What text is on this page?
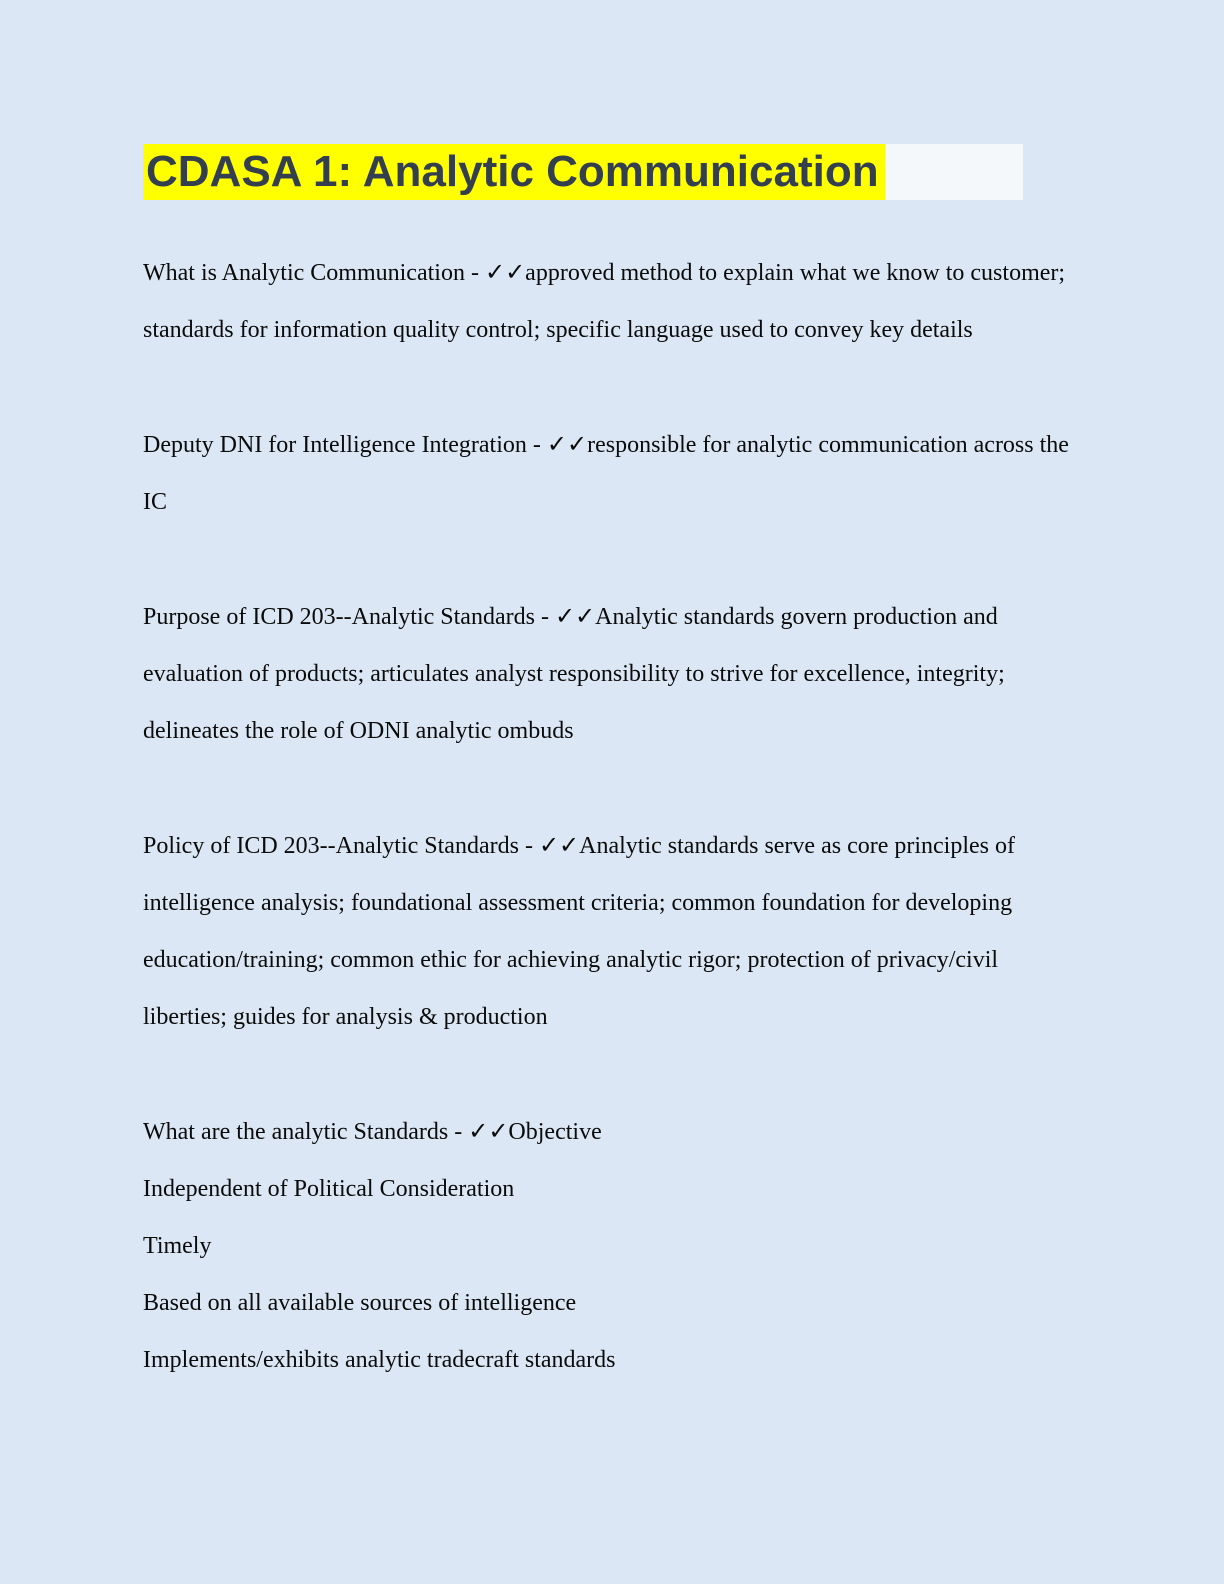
CDASA 1: Analytic Communication
What is Analytic Communication - ✓✓approved method to explain what we know to customer; standards for information quality control; specific language used to convey key details
Deputy DNI for Intelligence Integration - ✓✓responsible for analytic communication across the IC
Purpose of ICD 203--Analytic Standards - ✓✓Analytic standards govern production and evaluation of products; articulates analyst responsibility to strive for excellence, integrity; delineates the role of ODNI analytic ombuds
Policy of ICD 203--Analytic Standards - ✓✓Analytic standards serve as core principles of intelligence analysis; foundational assessment criteria; common foundation for developing education/training; common ethic for achieving analytic rigor; protection of privacy/civil liberties; guides for analysis & production
What are the analytic Standards - ✓✓Objective
Independent of Political Consideration
Timely
Based on all available sources of intelligence
Implements/exhibits analytic tradecraft standards
